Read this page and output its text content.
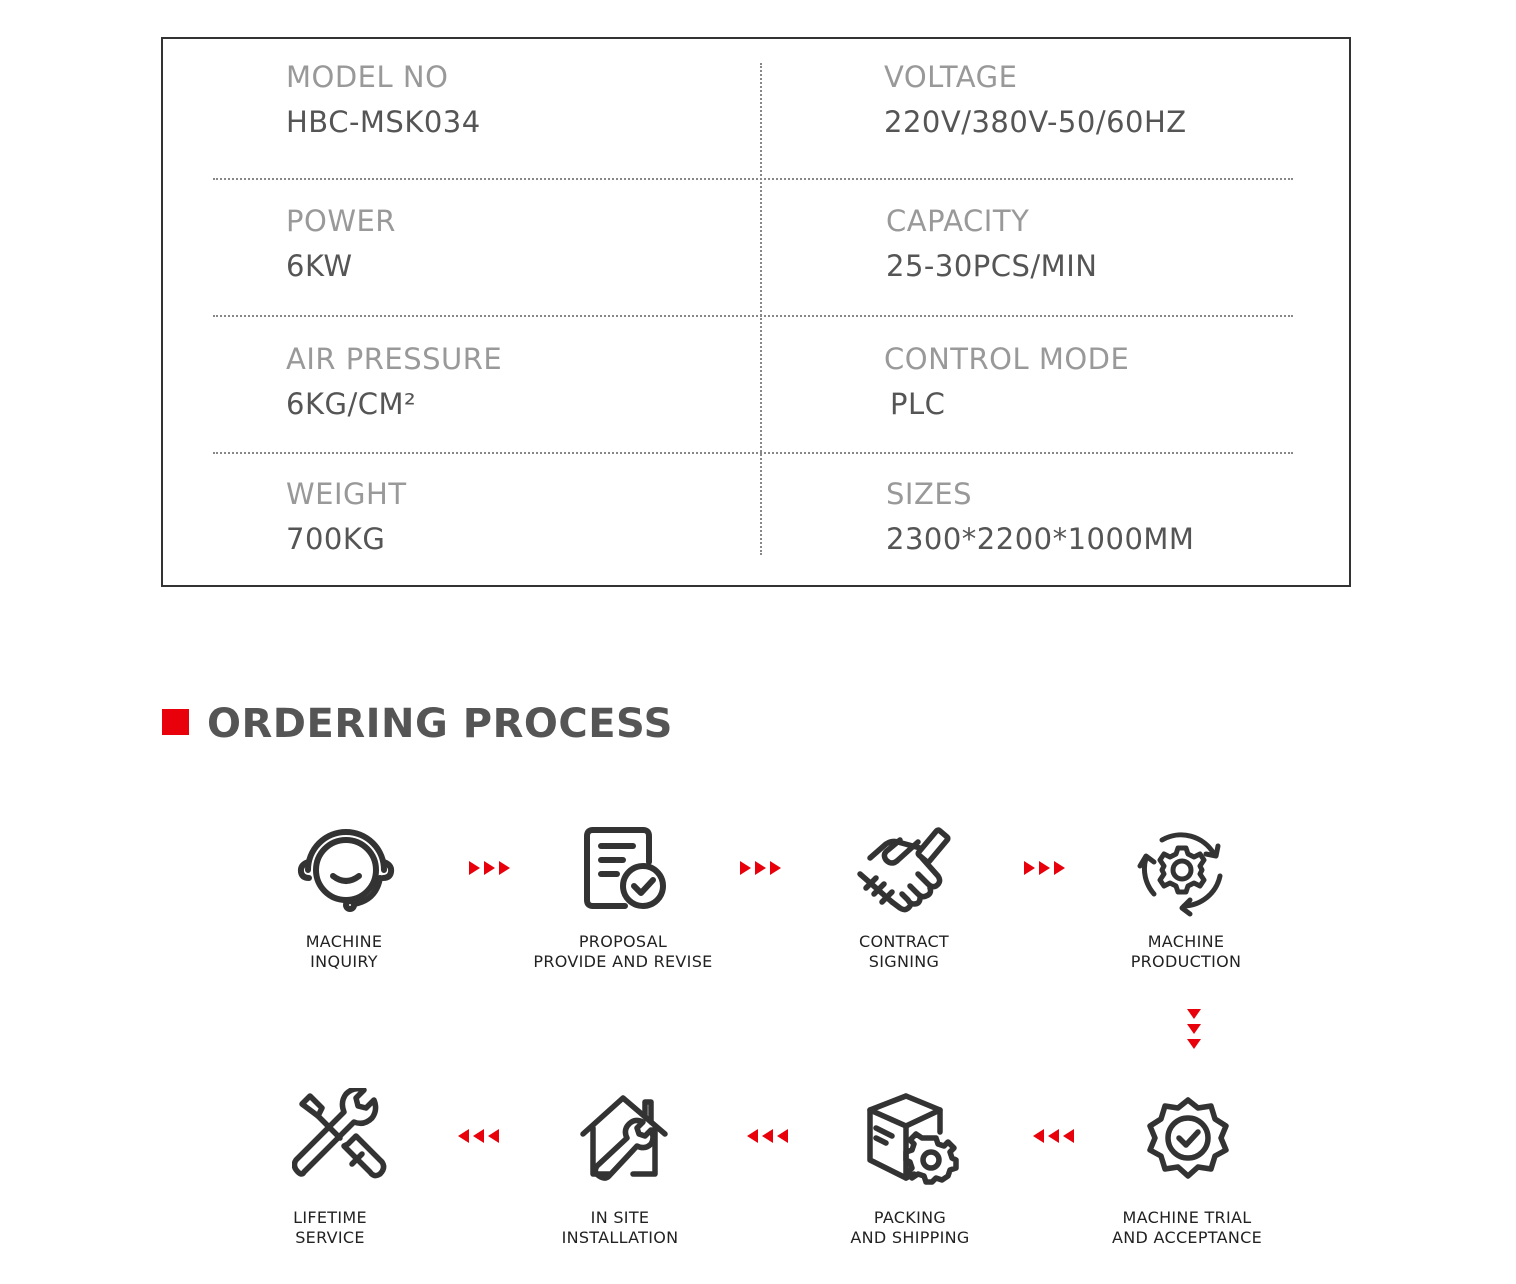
MODEL NO
HBC-MSK034
VOLTAGE
220V/380V-50/60HZ
POWER
6KW
CAPACITY
25-30PCS/MIN
AIR PRESSURE
6KG/CM²
CONTROL MODE
PLC
WEIGHT
700KG
SIZES
2300*2200*1000MM
ORDERING PROCESS
MACHINE
INQUIRY
PROPOSAL
PROVIDE AND REVISE
CONTRACT
SIGNING
MACHINE
PRODUCTION
MACHINE TRIAL
AND ACCEPTANCE
PACKING
AND SHIPPING
IN SITE
INSTALLATION
LIFETIME
SERVICE
